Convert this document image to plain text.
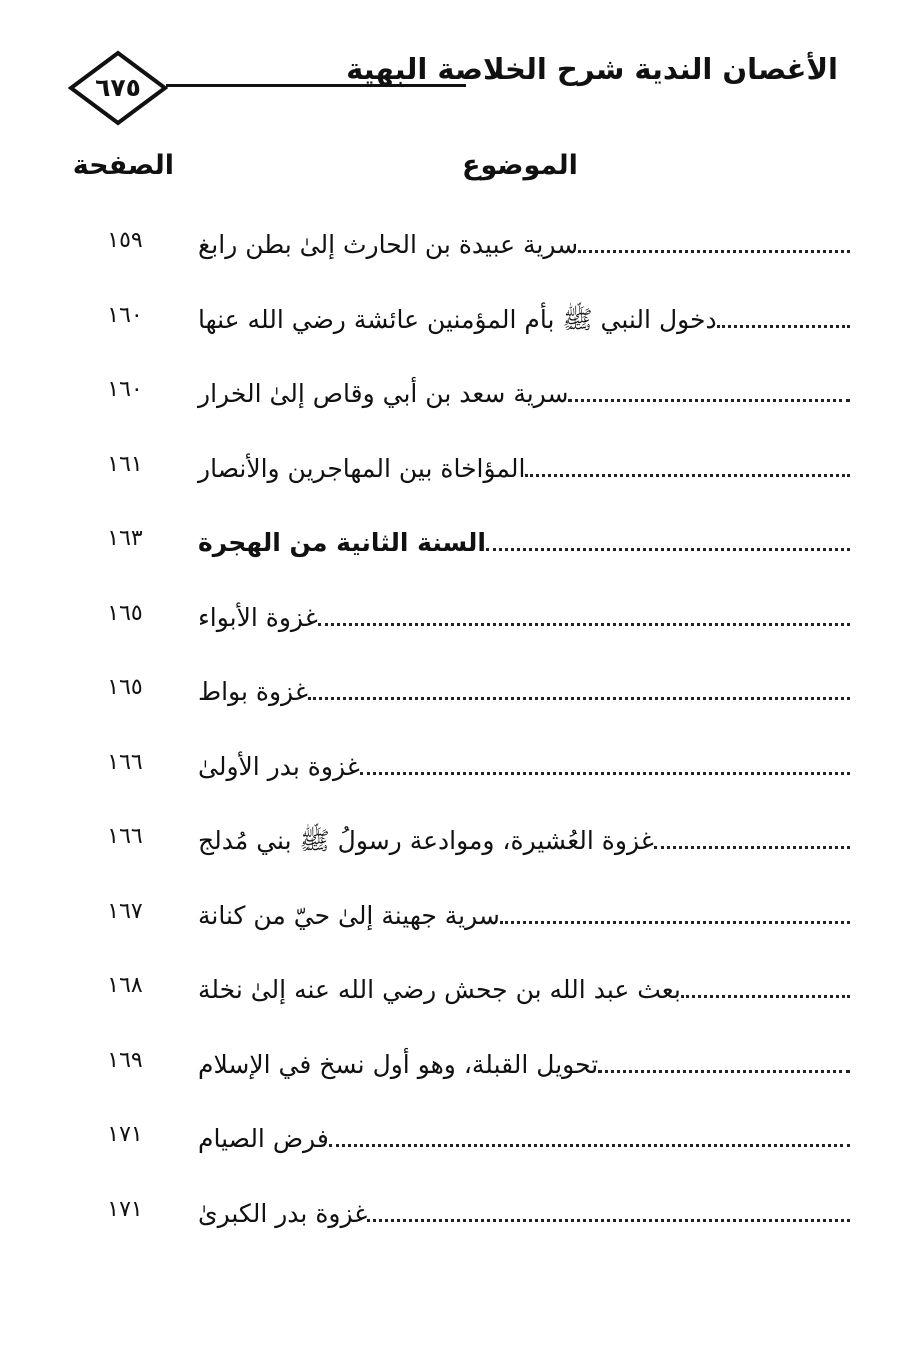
٦٧٥
الأغصان الندية شرح الخلاصة البهية
الموضوع
الصفحة
سرية عبيدة بن الحارث إلىٰ بطن رابغ
١٥٩
دخول النبي ﷺ بأم المؤمنين عائشة رضي الله عنها
١٦٠
سرية سعد بن أبي وقاص إلىٰ الخرار
١٦٠
المؤاخاة بين المهاجرين والأنصار
١٦١
السنة الثانية من الهجرة
١٦٣
غزوة الأبواء
١٦٥
غزوة بواط
١٦٥
غزوة بدر الأولىٰ
١٦٦
غزوة العُشيرة، وموادعة رسولُ ﷺ بني مُدلج
١٦٦
سرية جهينة إلىٰ حيّ من كنانة
١٦٧
بعث عبد الله بن جحش رضي الله عنه إلىٰ نخلة
١٦٨
تحويل القبلة، وهو أول نسخ في الإسلام
١٦٩
فرض الصيام
١٧١
غزوة بدر الكبرىٰ
١٧١
